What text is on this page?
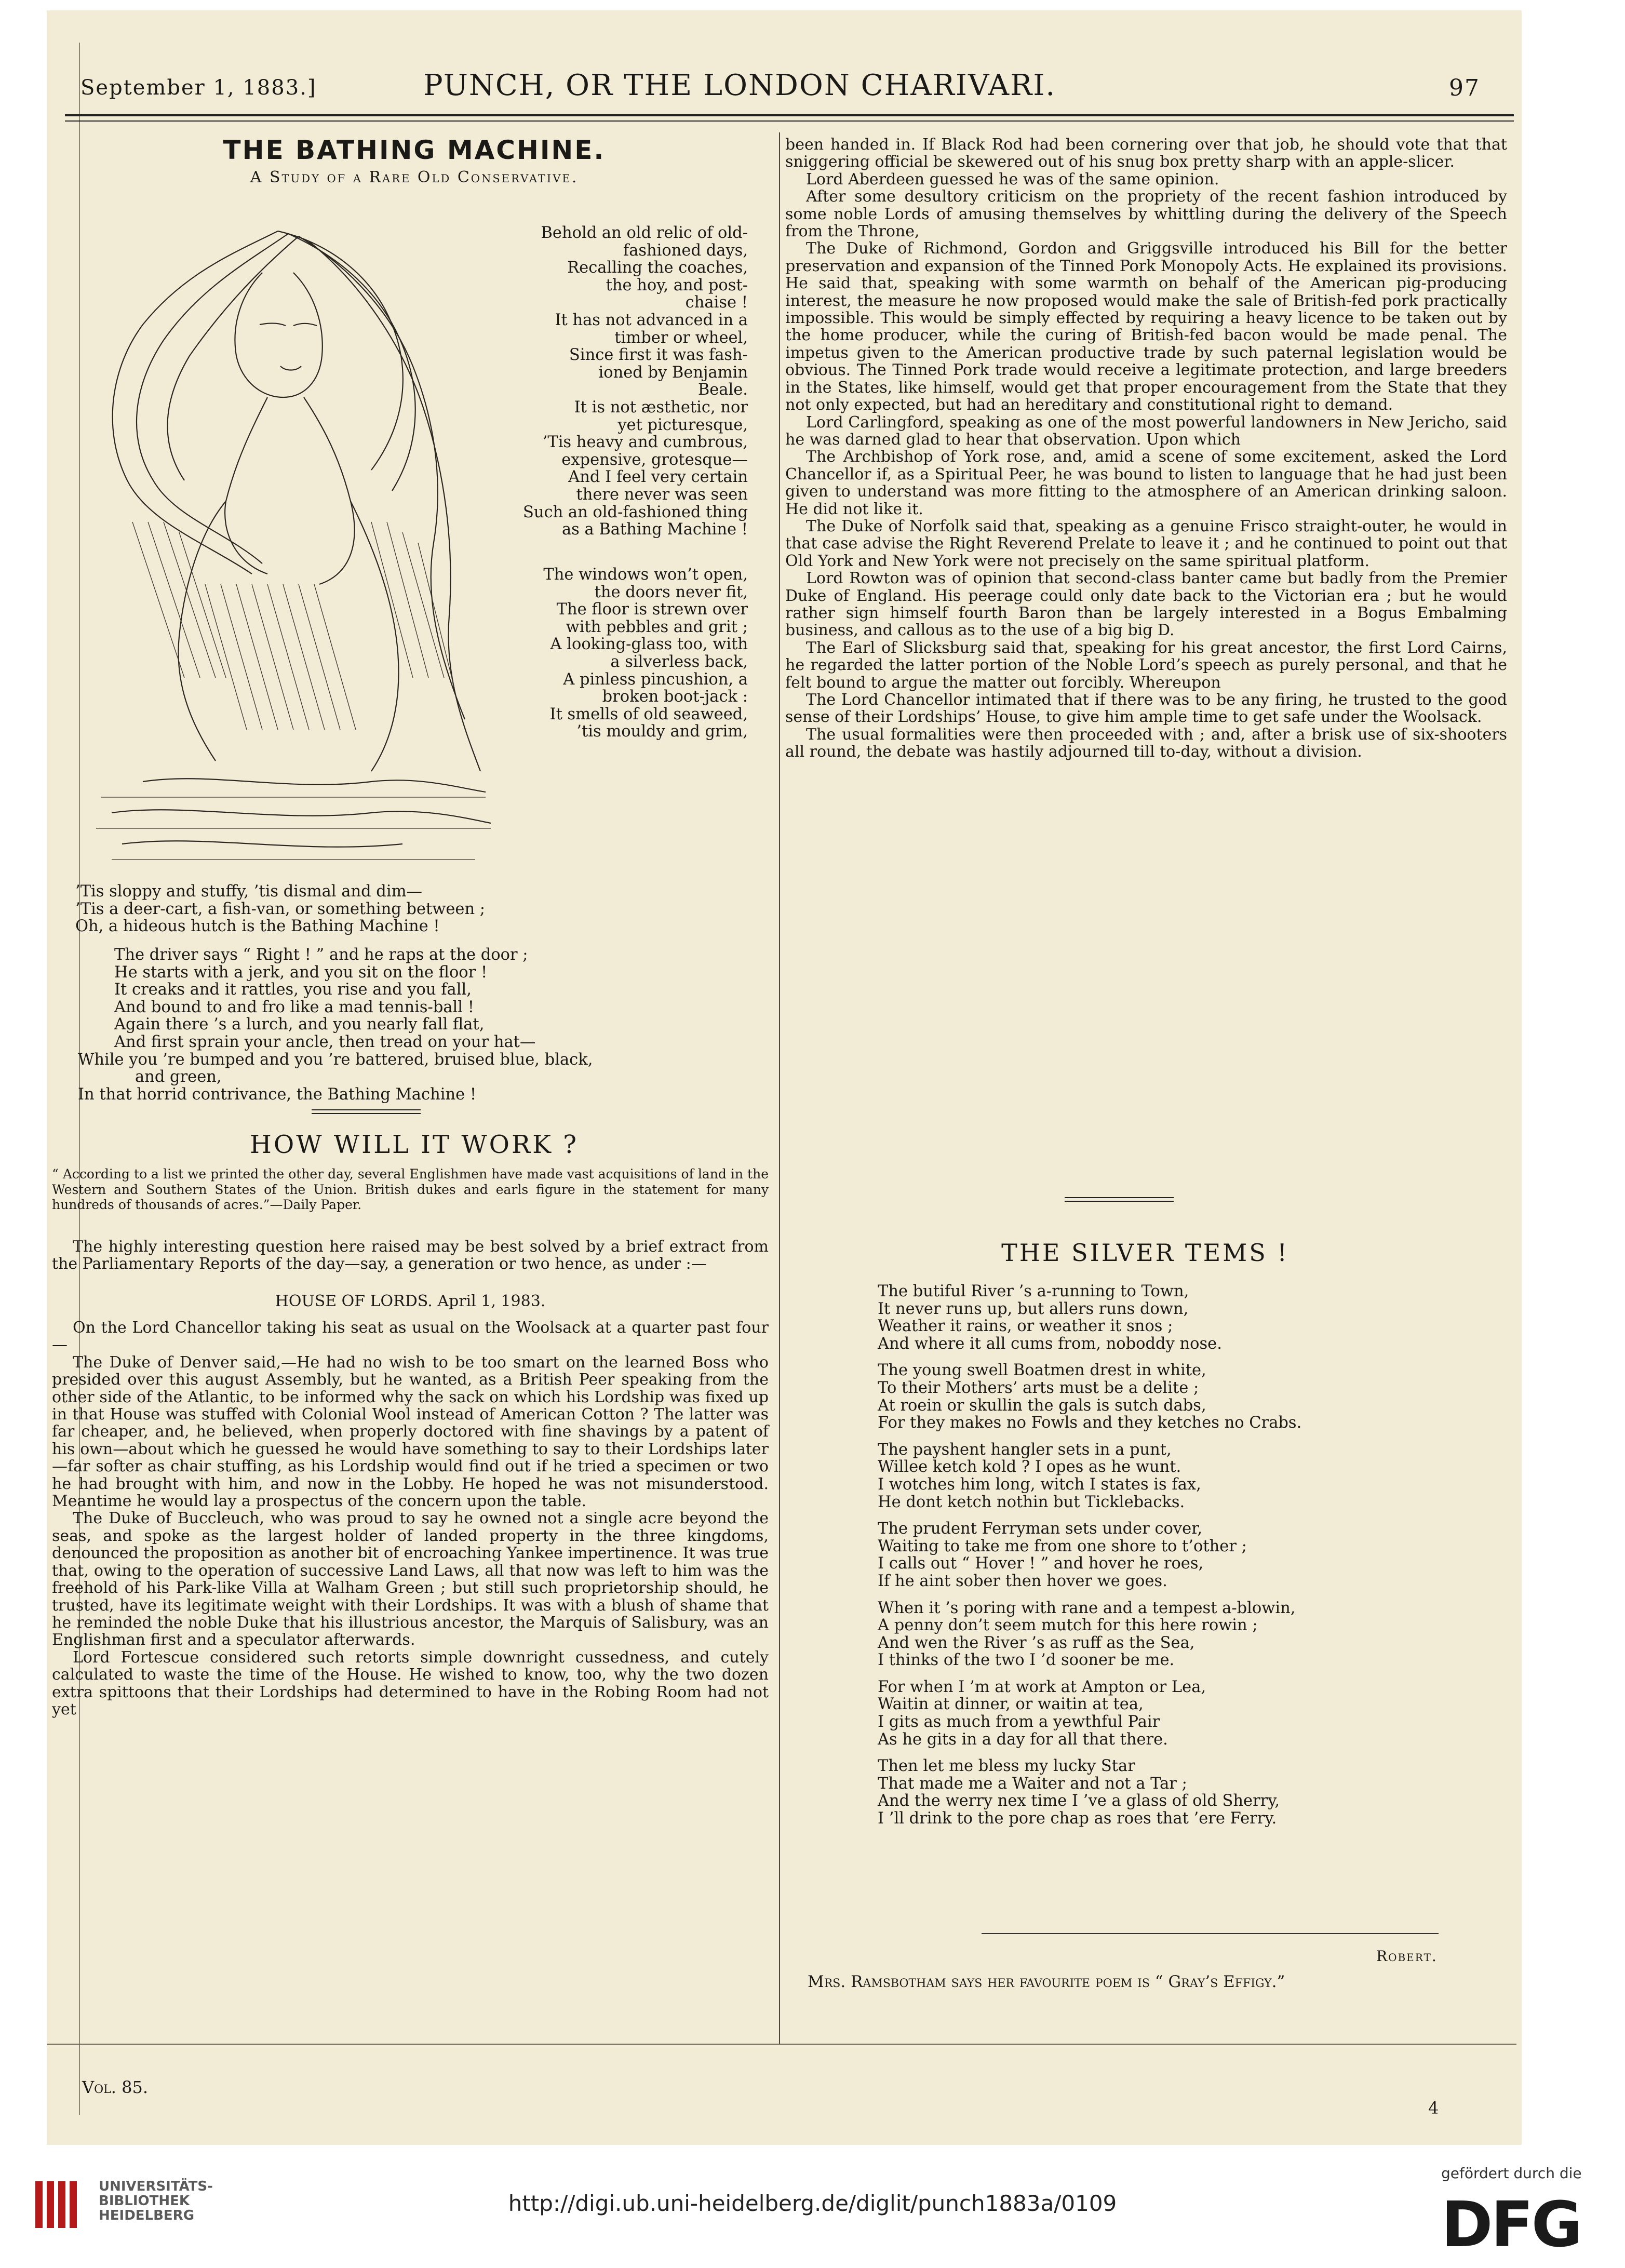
September 1, 1883.]	PUNCH, OR THE LONDON CHARIVARI.	97
THE BATHING MACHINE.
A Study of a Rare Old Conservative.
Behold an old relic of old-
fashioned days,
Recalling the coaches,
the hoy, and post-
chaise !
It has not advanced in a
timber or wheel,
Since first it was fash-
ioned by Benjamin
Beale.
It is not æsthetic, nor
yet picturesque,
’Tis heavy and cumbrous,
expensive, grotesque—
And I feel very certain
there never was seen
Such an old-fashioned thing
as a Bathing Machine !
The windows won’t open,
the doors never fit,
The floor is strewn over
with pebbles and grit ;
A looking-glass too, with
a silverless back,
A pinless pincushion, a
broken boot-jack :
It smells of old seaweed,
’tis mouldy and grim,
’Tis sloppy and stuffy, ’tis dismal and dim—
’Tis a deer-cart, a fish-van, or something between ;
Oh, a hideous hutch is the Bathing Machine !
The driver says “ Right ! ” and he raps at the door ;
He starts with a jerk, and you sit on the floor !
It creaks and it rattles, you rise and you fall,
And bound to and fro like a mad tennis-ball !
Again there ’s a lurch, and you nearly fall flat,
And first sprain your ancle, then tread on your hat—
While you ’re bumped and you ’re battered, bruised blue, black,
and green,
In that horrid contrivance, the Bathing Machine !
HOW WILL IT WORK ?
“ According to a list we printed the other day, several Englishmen have made vast acquisitions of land in the Western and Southern States of the Union. British dukes and earls figure in the statement for many hundreds of thousands of acres.”—Daily Paper.

The highly interesting question here raised may be best solved by a brief extract from the Parliamentary Reports of the day—say, a generation or two hence, as under :—

HOUSE OF LORDS. April 1, 1983.

On the Lord Chancellor taking his seat as usual on the Woolsack at a quarter past four—

The Duke of Denver said,—He had no wish to be too smart on the learned Boss who presided over this august Assembly, but he wanted, as a British Peer speaking from the other side of the Atlantic, to be informed why the sack on which his Lordship was fixed up in that House was stuffed with Colonial Wool instead of American Cotton ? The latter was far cheaper, and, he believed, when properly doctored with fine shavings by a patent of his own—about which he guessed he would have something to say to their Lordships later—far softer as chair stuffing, as his Lordship would find out if he tried a specimen or two he had brought with him, and now in the Lobby. He hoped he was not misunderstood. Meantime he would lay a prospectus of the concern upon the table.

The Duke of Buccleuch, who was proud to say he owned not a single acre beyond the seas, and spoke as the largest holder of landed property in the three kingdoms, denounced the proposition as another bit of encroaching Yankee impertinence. It was true that, owing to the operation of successive Land Laws, all that now was left to him was the freehold of his Park-like Villa at Walham Green ; but still such proprietorship should, he trusted, have its legitimate weight with their Lordships. It was with a blush of shame that he reminded the noble Duke that his illustrious ancestor, the Marquis of Salisbury, was an Englishman first and a speculator afterwards.

Lord Fortescue considered such retorts simple downright cussedness, and cutely calculated to waste the time of the House. He wished to know, too, why the two dozen extra spittoons that their Lordships had determined to have in the Robing Room had not yet

been handed in. If Black Rod had been cornering over that job, he should vote that that sniggering official be skewered out of his snug box pretty sharp with an apple-slicer.

Lord Aberdeen guessed he was of the same opinion.

After some desultory criticism on the propriety of the recent fashion introduced by some noble Lords of amusing themselves by whittling during the delivery of the Speech from the Throne,

The Duke of Richmond, Gordon and Griggsville introduced his Bill for the better preservation and expansion of the Tinned Pork Monopoly Acts. He explained its provisions. He said that, speaking with some warmth on behalf of the American pig-producing interest, the measure he now proposed would make the sale of British-fed pork practically impossible. This would be simply effected by requiring a heavy licence to be taken out by the home producer, while the curing of British-fed bacon would be made penal. The impetus given to the American productive trade by such paternal legislation would be obvious. The Tinned Pork trade would receive a legitimate protection, and large breeders in the States, like himself, would get that proper encouragement from the State that they not only expected, but had an hereditary and constitutional right to demand.

Lord Carlingford, speaking as one of the most powerful landowners in New Jericho, said he was darned glad to hear that observation. Upon which

The Archbishop of York rose, and, amid a scene of some excitement, asked the Lord Chancellor if, as a Spiritual Peer, he was bound to listen to language that he had just been given to understand was more fitting to the atmosphere of an American drinking saloon. He did not like it.

The Duke of Norfolk said that, speaking as a genuine Frisco straight-outer, he would in that case advise the Right Reverend Prelate to leave it ; and he continued to point out that Old York and New York were not precisely on the same spiritual platform.

Lord Rowton was of opinion that second-class banter came but badly from the Premier Duke of England. His peerage could only date back to the Victorian era ; but he would rather sign himself fourth Baron than be largely interested in a Bogus Embalming business, and callous as to the use of a big big D.

The Earl of Slicksburg said that, speaking for his great ancestor, the first Lord Cairns, he regarded the latter portion of the Noble Lord’s speech as purely personal, and that he felt bound to argue the matter out forcibly. Whereupon

The Lord Chancellor intimated that if there was to be any firing, he trusted to the good sense of their Lordships’ House, to give him ample time to get safe under the Woolsack.

The usual formalities were then proceeded with ; and, after a brisk use of six-shooters all round, the debate was hastily adjourned till to-day, without a division.

THE SILVER TEMS !
The butiful River ’s a-running to Town,
It never runs up, but allers runs down,
Weather it rains, or weather it snos ;
And where it all cums from, noboddy nose.
The young swell Boatmen drest in white,
To their Mothers’ arts must be a delite ;
At roein or skullin the gals is sutch dabs,
For they makes no Fowls and they ketches no Crabs.
The payshent hangler sets in a punt,
Willee ketch kold ? I opes as he wunt.
I wotches him long, witch I states is fax,
He dont ketch nothin but Ticklebacks.
The prudent Ferryman sets under cover,
Waiting to take me from one shore to t’other ;
I calls out “ Hover ! ” and hover he roes,
If he aint sober then hover we goes.
When it ’s poring with rane and a tempest a-blowin,
A penny don’t seem mutch for this here rowin ;
And wen the River ’s as ruff as the Sea,
I thinks of the two I ’d sooner be me.
For when I ’m at work at Ampton or Lea,
Waitin at dinner, or waitin at tea,
I gits as much from a yewthful Pair
As he gits in a day for all that there.
Then let me bless my lucky Star
That made me a Waiter and not a Tar ;
And the werry nex time I ’ve a glass of old Sherry,
I ’ll drink to the pore chap as roes that ’ere Ferry.
Robert.
Mrs. Ramsbotham says her favourite poem is “ Gray’s Effigy.”
Vol. 85.
4
UNIVERSITÄTS-
BIBLIOTHEK
HEIDELBERG	http://digi.ub.uni-heidelberg.de/diglit/punch1883a/0109
gefördert durch die
DFG
